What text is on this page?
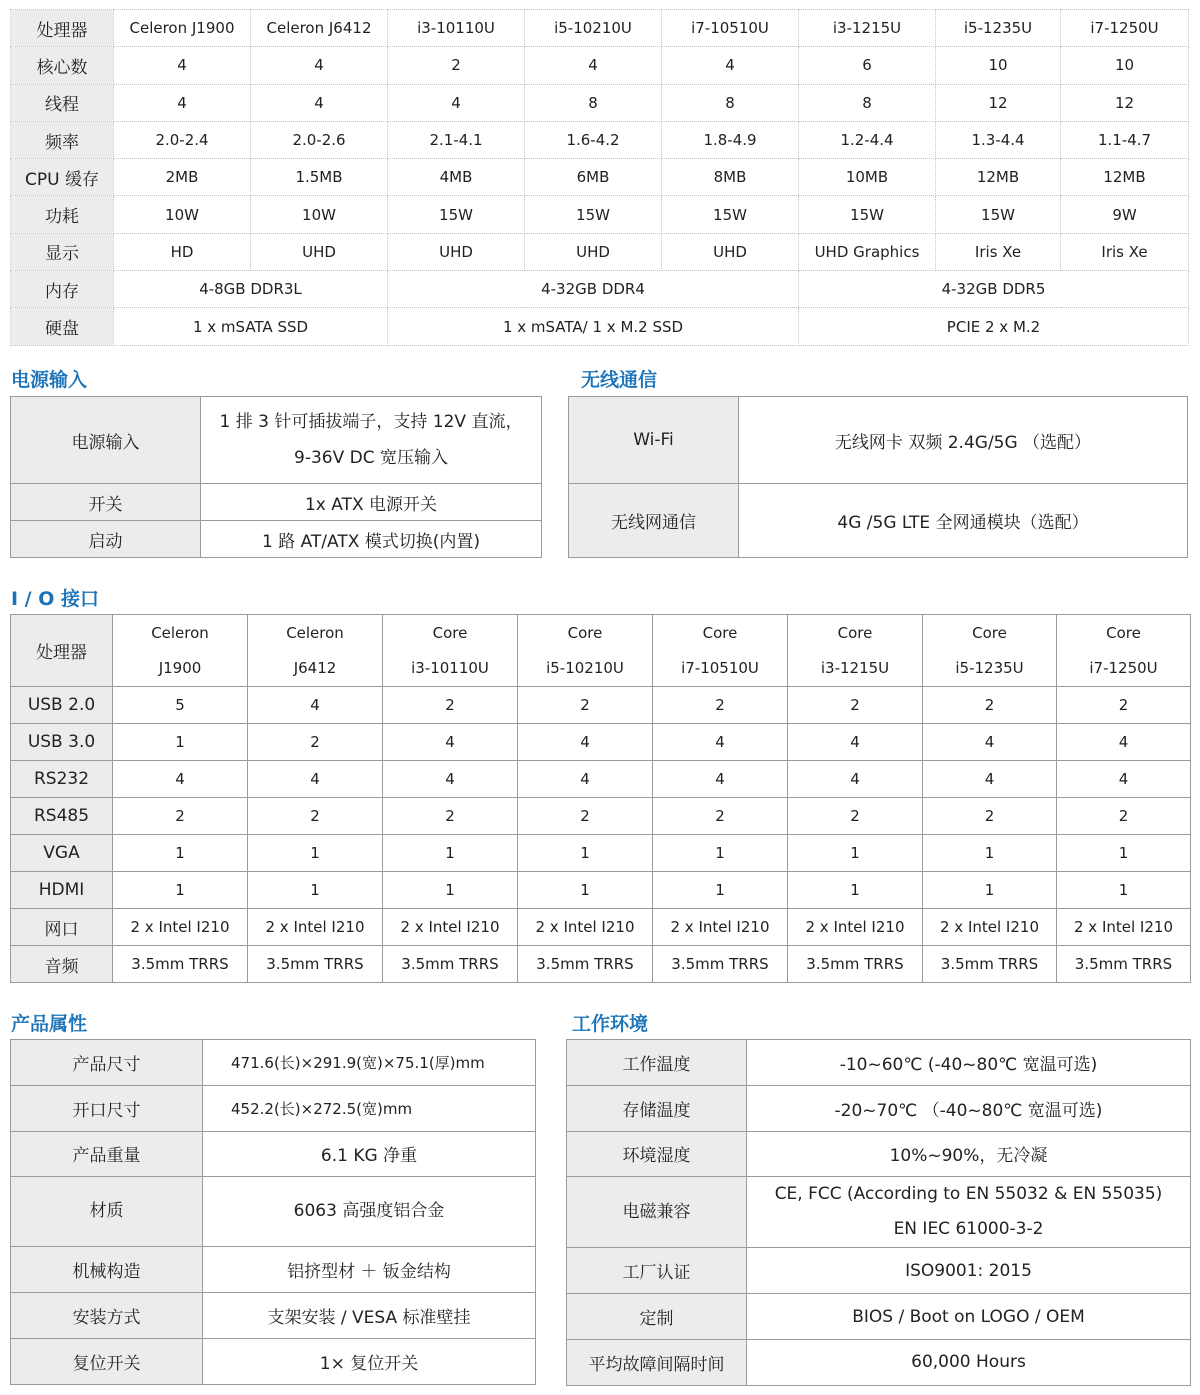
处理器	Celeron J1900	Celeron J6412	i3-10110U	i5-10210U	i7-10510U	i3-1215U	i5-1235U	i7-1250U
核心数	4	4	2	4	4	6	10	10
线程	4	4	4	8	8	8	12	12
频率	2.0-2.4	2.0-2.6	2.1-4.1	1.6-4.2	1.8-4.9	1.2-4.4	1.3-4.4	1.1-4.7
CPU 缓存	2MB	1.5MB	4MB	6MB	8MB	10MB	12MB	12MB
功耗	10W	10W	15W	15W	15W	15W	15W	9W
显示	HD	UHD	UHD	UHD	UHD	UHD Graphics	Iris Xe	Iris Xe
内存	4-8GB DDR3L		4-32GB DDR4			4-32GB DDR5		
硬盘	1 x mSATA SSD		1 x mSATA/ 1 x M.2 SSD			PCIE 2 x M.2		
电源输入	无线通信
电源输入	1 排 3 针可插拔端子，支持 12V 直流，
9-36V DC 宽压输入

开关	1x ATX 电源开关
启动	1 路 AT/ATX 模式切换(内置)
Wi-Fi	无线网卡 双频 2.4G/5G （选配）
无线网通信	4G /5G LTE 全网通模块（选配）
I / O 接口
处理器	Celeron	Celeron	Core	Core	Core	Core	Core	Core
	J1900	J6412	i3-10110U	i5-10210U	i7-10510U	i3-1215U	i5-1235U	i7-1250U
USB 2.0	5	4	2	2	2	2	2	2
USB 3.0	1	2	4	4	4	4	4	4
RS232	4	4	4	4	4	4	4	4
RS485	2	2	2	2	2	2	2	2
VGA	1	1	1	1	1	1	1	1
HDMI	1	1	1	1	1	1	1	1
网口	2 x Intel I210	2 x Intel I210	2 x Intel I210	2 x Intel I210	2 x Intel I210	2 x Intel I210	2 x Intel I210	2 x Intel I210
音频	3.5mm TRRS	3.5mm TRRS	3.5mm TRRS	3.5mm TRRS	3.5mm TRRS	3.5mm TRRS	3.5mm TRRS	3.5mm TRRS
产品属性	工作环境
产品尺寸	471.6(长)×291.9(宽)×75.1(厚)mm
开口尺寸	452.2(长)×272.5(宽)mm
产品重量	6.1 KG 净重
材质	6063 高强度铝合金
机械构造	铝挤型材 ＋ 钣金结构
安装方式	支架安装 / VESA 标准壁挂
复位开关	1× 复位开关
工作温度	-10~60℃ (-40~80℃ 宽温可选)
存储温度	-20~70℃ （-40~80℃ 宽温可选)
环境湿度	10%~90%，无冷凝
电磁兼容	CE, FCC (According to EN 55032 & EN 55035)
EN IEC 61000-3-2

工厂认证	ISO9001: 2015
定制	BIOS / Boot on LOGO / OEM
平均故障间隔时间	60,000 Hours
